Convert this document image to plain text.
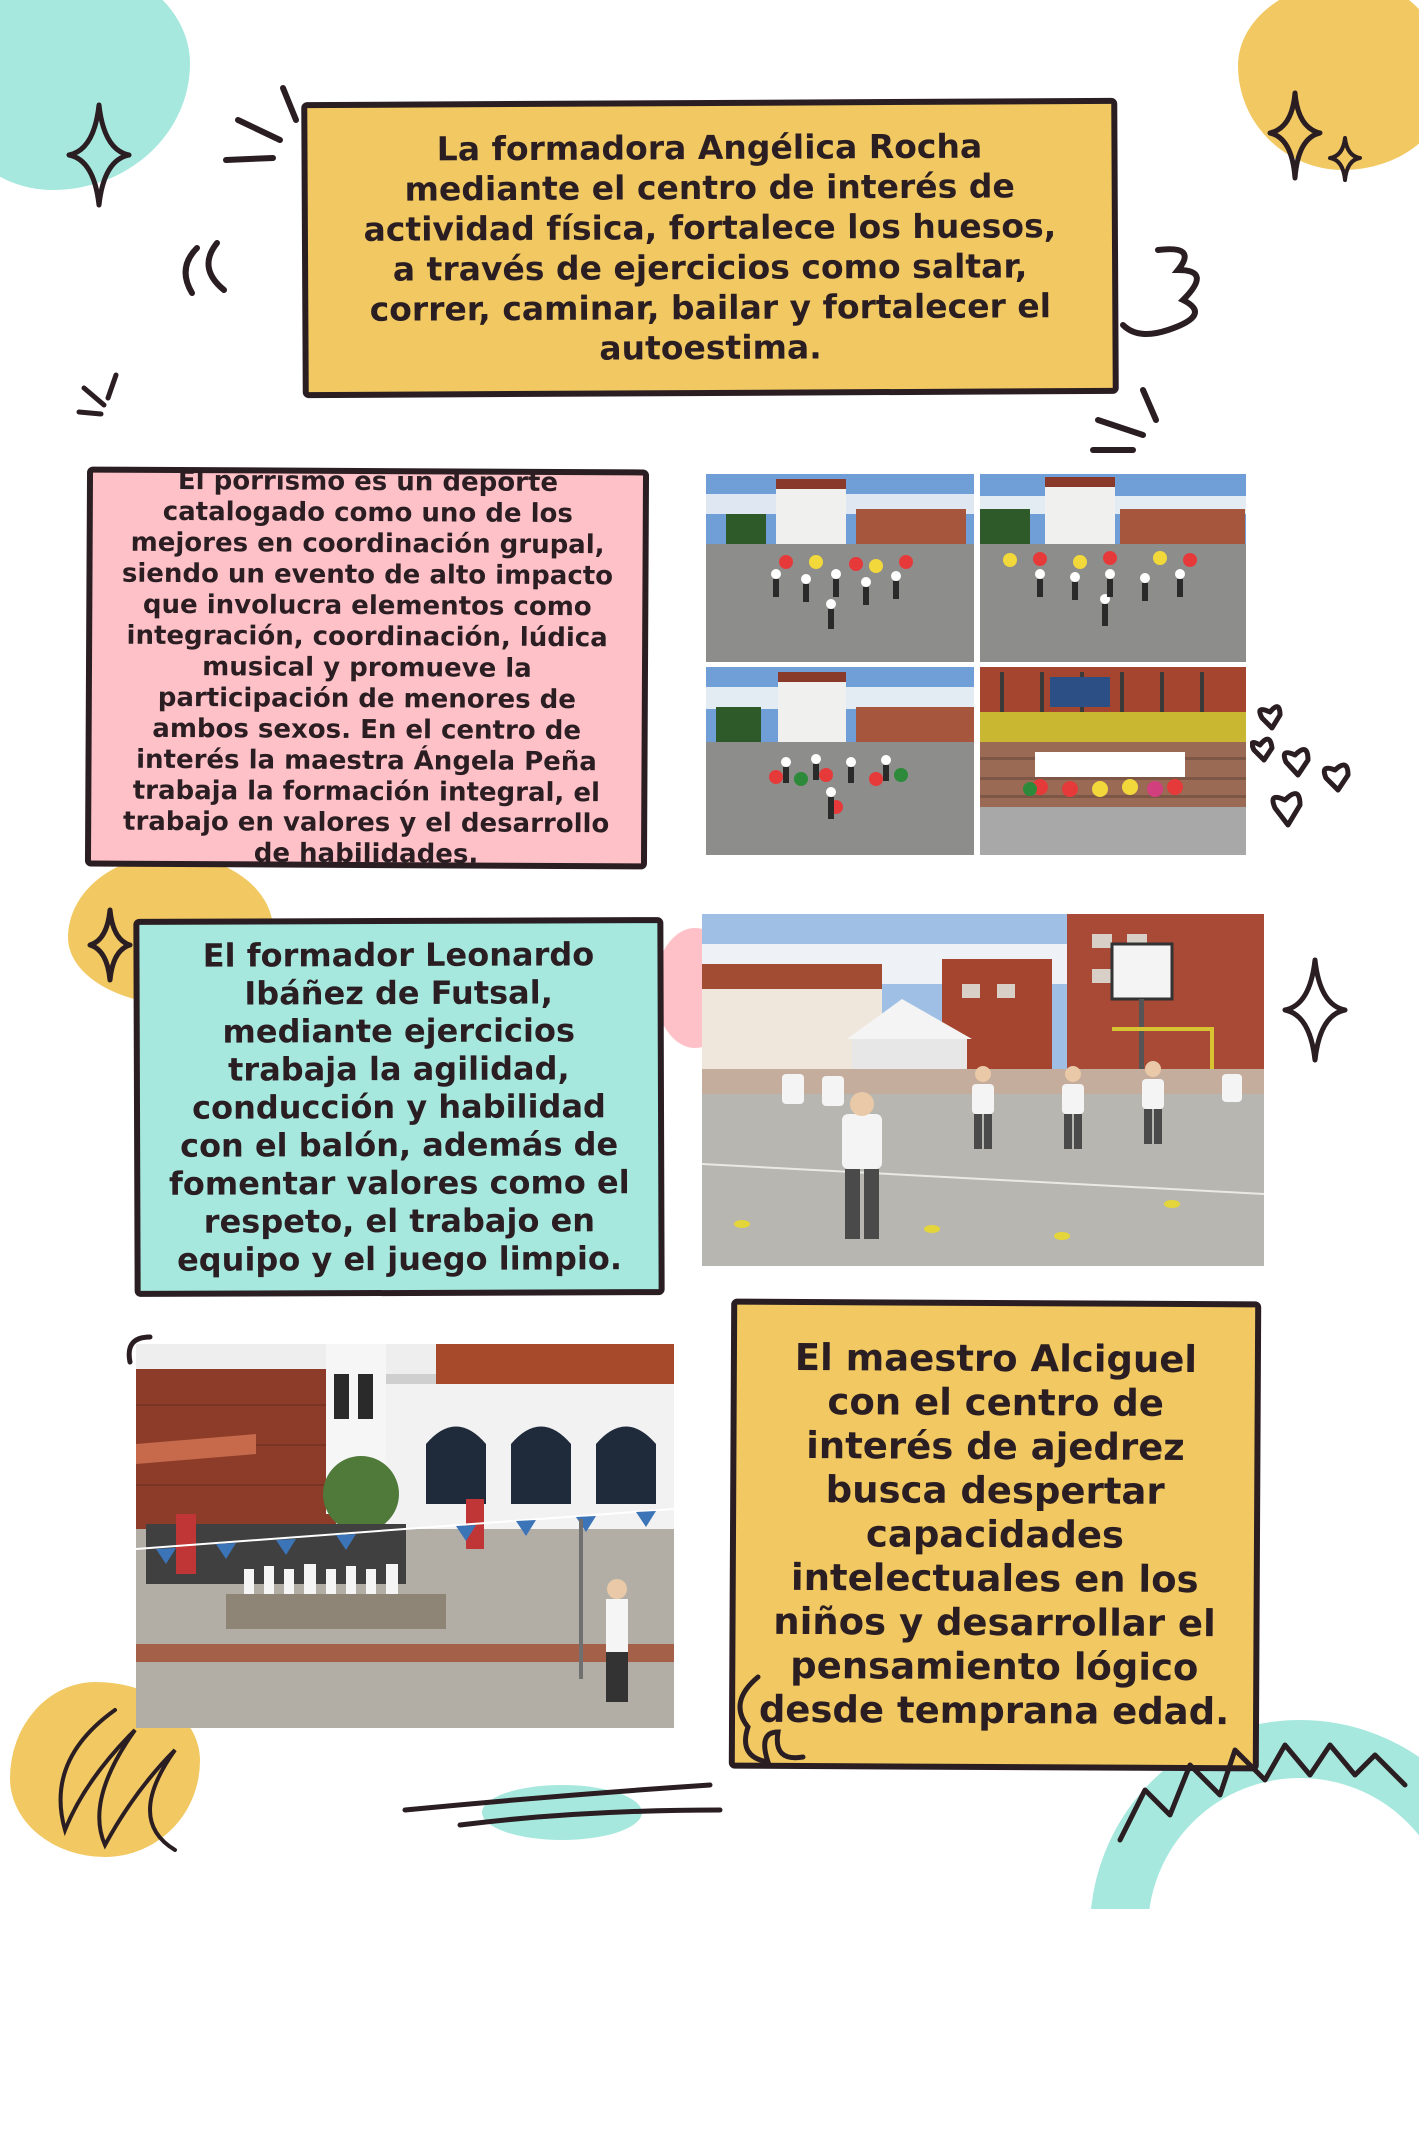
La formadora Angélica Rocha mediante el centro de interés de actividad física, fortalece los huesos, a través de ejercicios como saltar, correr, caminar, bailar y fortalecer el autoestima.

El porrismo es un deporte catalogado como uno de los mejores en coordinación grupal, siendo un evento de alto impacto que involucra elementos como integración, coordinación, lúdica musical y promueve la participación de menores de ambos sexos. En el centro de interés la maestra Ángela Peña trabaja la formación integral, el trabajo en valores y el desarrollo de habilidades.

El formador Leonardo Ibáñez de Futsal, mediante ejercicios trabaja la agilidad, conducción y habilidad con el balón, además de fomentar valores como el respeto, el trabajo en equipo y el juego limpio.

El maestro Alciguel con el centro de interés de ajedrez busca despertar capacidades intelectuales en los niños y desarrollar el pensamiento lógico desde temprana edad.
